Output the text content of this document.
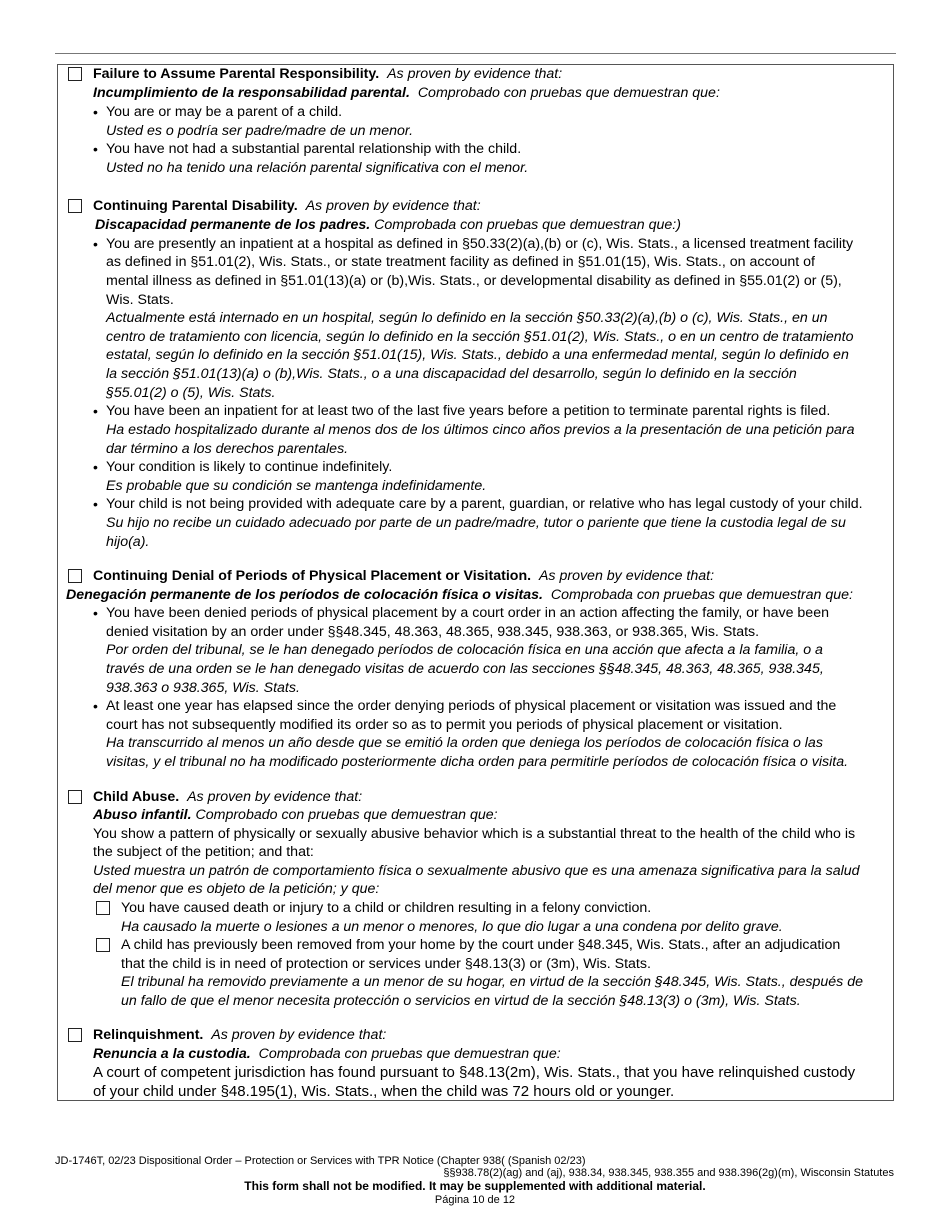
Failure to Assume Parental Responsibility. As proven by evidence that:
Incumplimiento de la responsabilidad parental. Comprobado con pruebas que demuestran que:
• You are or may be a parent of a child.
Usted es o podría ser padre/madre de un menor.
• You have not had a substantial parental relationship with the child.
Usted no ha tenido una relación parental significativa con el menor.
Continuing Parental Disability. As proven by evidence that:
Discapacidad permanente de los padres. Comprobada con pruebas que demuestran que:)
• You are presently an inpatient at a hospital as defined in §50.33(2)(a),(b) or (c), Wis. Stats., a licensed treatment facility
as defined in §51.01(2), Wis. Stats., or state treatment facility as defined in §51.01(15), Wis. Stats., on account of
mental illness as defined in §51.01(13)(a) or (b),Wis. Stats., or developmental disability as defined in §55.01(2) or (5),
Wis. Stats.
Actualmente está internado en un hospital, según lo definido en la sección §50.33(2)(a),(b) o (c), Wis. Stats., en un
centro de tratamiento con licencia, según lo definido en la sección §51.01(2), Wis. Stats., o en un centro de tratamiento
estatal, según lo definido en la sección §51.01(15), Wis. Stats., debido a una enfermedad mental, según lo definido en
la sección §51.01(13)(a) o (b),Wis. Stats., o a una discapacidad del desarrollo, según lo definido en la sección
§55.01(2) o (5), Wis. Stats.
• You have been an inpatient for at least two of the last five years before a petition to terminate parental rights is filed.
Ha estado hospitalizado durante al menos dos de los últimos cinco años previos a la presentación de una petición para
dar término a los derechos parentales.
• Your condition is likely to continue indefinitely.
Es probable que su condición se mantenga indefinidamente.
• Your child is not being provided with adequate care by a parent, guardian, or relative who has legal custody of your child.
Su hijo no recibe un cuidado adecuado por parte de un padre/madre, tutor o pariente que tiene la custodia legal de su
hijo(a).
Continuing Denial of Periods of Physical Placement or Visitation. As proven by evidence that:
Denegación permanente de los períodos de colocación física o visitas. Comprobada con pruebas que demuestran que:
• You have been denied periods of physical placement by a court order in an action affecting the family, or have been
denied visitation by an order under §§48.345, 48.363, 48.365, 938.345, 938.363, or 938.365, Wis. Stats.
Por orden del tribunal, se le han denegado períodos de colocación física en una acción que afecta a la familia, o a
través de una orden se le han denegado visitas de acuerdo con las secciones §§48.345, 48.363, 48.365, 938.345,
938.363 o 938.365, Wis. Stats.
• At least one year has elapsed since the order denying periods of physical placement or visitation was issued and the
court has not subsequently modified its order so as to permit you periods of physical placement or visitation.
Ha transcurrido al menos un año desde que se emitió la orden que deniega los períodos de colocación física o las
visitas, y el tribunal no ha modificado posteriormente dicha orden para permitirle períodos de colocación física o visita.
Child Abuse. As proven by evidence that:
Abuso infantil. Comprobado con pruebas que demuestran que:
You show a pattern of physically or sexually abusive behavior which is a substantial threat to the health of the child who is
the subject of the petition; and that:
Usted muestra un patrón de comportamiento física o sexualmente abusivo que es una amenaza significativa para la salud
del menor que es objeto de la petición; y que:
You have caused death or injury to a child or children resulting in a felony conviction.
Ha causado la muerte o lesiones a un menor o menores, lo que dio lugar a una condena por delito grave.
A child has previously been removed from your home by the court under §48.345, Wis. Stats., after an adjudication
that the child is in need of protection or services under §48.13(3) or (3m), Wis. Stats.
El tribunal ha removido previamente a un menor de su hogar, en virtud de la sección §48.345, Wis. Stats., después de
un fallo de que el menor necesita protección o servicios en virtud de la sección §48.13(3) o (3m), Wis. Stats.
Relinquishment. As proven by evidence that:
Renuncia a la custodia. Comprobada con pruebas que demuestran que:
A court of competent jurisdiction has found pursuant to §48.13(2m), Wis. Stats., that you have relinquished custody
of your child under §48.195(1), Wis. Stats., when the child was 72 hours old or younger.
JD-1746T, 02/23 Dispositional Order – Protection or Services with TPR Notice (Chapter 938( (Spanish 02/23)
§§938.78(2)(ag) and (aj), 938.34, 938.345, 938.355 and 938.396(2g)(m), Wisconsin Statutes
This form shall not be modified. It may be supplemented with additional material.
Página 10 de 12
